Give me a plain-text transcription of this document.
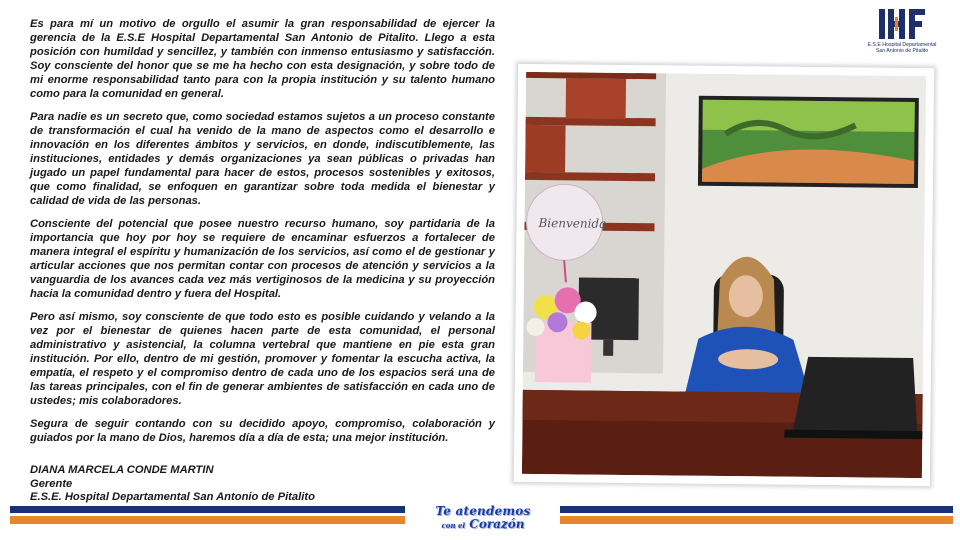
Es para mí un motivo de orgullo el asumir la gran responsabilidad de ejercer la gerencia de la E.S.E Hospital Departamental San Antonio de Pitalito. Llego a esta posición con humildad y sencillez, y también con inmenso entusiasmo y satisfacción. Soy consciente del honor que se me ha hecho con esta designación, y sobre todo de mi enorme responsabilidad tanto para con la propia institución y su talento humano como para la comunidad en general.

Para nadie es un secreto que, como sociedad estamos sujetos a un proceso constante de transformación el cual ha venido de la mano de aspectos como el desarrollo e innovación en los diferentes ámbitos y servicios, en donde, indiscutiblemente, las instituciones, entidades y demás organizaciones ya sean públicas o privadas han jugado un papel fundamental para hacer de estos, procesos sostenibles y exitosos, que como finalidad, se enfoquen en garantizar sobre toda medida el bienestar y calidad de vida de las personas.

Consciente del potencial que posee nuestro recurso humano, soy partidaria de la importancia que hoy por hoy se requiere de encaminar esfuerzos a fortalecer de manera integral el espíritu y humanización de los servicios, así como el de gestionar y articular acciones que nos permitan contar con procesos de atención y servicios a la vanguardia de los avances cada vez más vertiginosos de la medicina y su proyección hacia la comunidad dentro y fuera del Hospital.

Pero así mismo, soy consciente de que todo esto es posible cuidando y velando a la vez por el bienestar de quienes hacen parte de esta comunidad, el personal administrativo y asistencial, la columna vertebral que mantiene en pie esta gran institución. Por ello, dentro de mi gestión, promover y fomentar la escucha activa, la empatía, el respeto y el compromiso dentro de cada uno de los espacios será una de las tareas principales, con el fin de generar ambientes de satisfacción en cada uno de ustedes; mis colaboradores.

Segura de seguir contando con su decidido apoyo, compromiso, colaboración y guiados por la mano de Dios, haremos día a día de esta; una mejor institución.

DIANA MARCELA CONDE MARTIN
Gerente
E.S.E. Hospital Departamental San Antonio de Pitalito
E.S.E Hospital Departamental
San Antonio de Pitalito
Bienvenida
Te atendemos
con el Corazón
